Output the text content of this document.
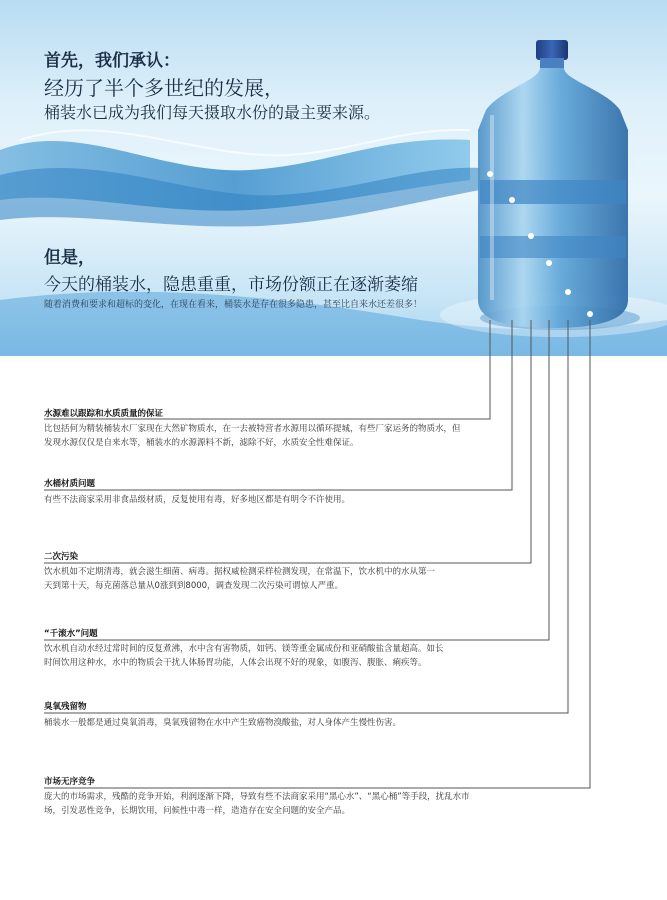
首先，我们承认：
经历了半个多世纪的发展，
桶装水已成为我们每天摄取水份的最主要来源。
但是，
今天的桶装水，隐患重重，市场份额正在逐渐萎缩
随着消费和要求和超标的变化，在现在看来，桶装水是存在很多隐患，甚至比自来水还差很多！
水源难以跟踪和水质质量的保证
比包括何为精装桶装水厂家现在大然矿物质水，在一去被特营者水源用以循环提城，有些厂家运务的物质水，但发现水源仅仅是自来水等，桶装水的水源源料不新，滤除不好，水质安全性难保证。
水桶材质问题
有些不法商家采用非食品级材质，反复使用有毒，好多地区都是有明令不许使用。
二次污染
饮水机如不定期清毒，就会滋生细菌、病毒。据权威检测采样检测发现，在常温下，饮水机中的水从第一天到第十天，每克菌落总量从0涨到到8000，调查发现二次污染可谓惊人严重。
“千滚水”问题
饮水机自动水经过常时间的反复煮沸，水中含有害物质，如钙、镁等重金属成份和亚硝酸盐含量超高。如长时间饮用这种水，水中的物质会干扰人体肠胃功能，人体会出现不好的现象，如腹泻、腹胀、痢疾等。
臭氧残留物
桶装水一般都是通过臭氧消毒，臭氧残留物在水中产生致癌物溴酸盐，对人身体产生慢性伤害。
市场无序竞争
庞大的市场需求，残酷的竞争开始，利润逐渐下降，导致有些不法商家采用“黑心水”、“黑心桶”等手段，扰乱水市场，引发恶性竞争，长期饮用，问候性中毒一样，造造存在安全问题的安全产品。
